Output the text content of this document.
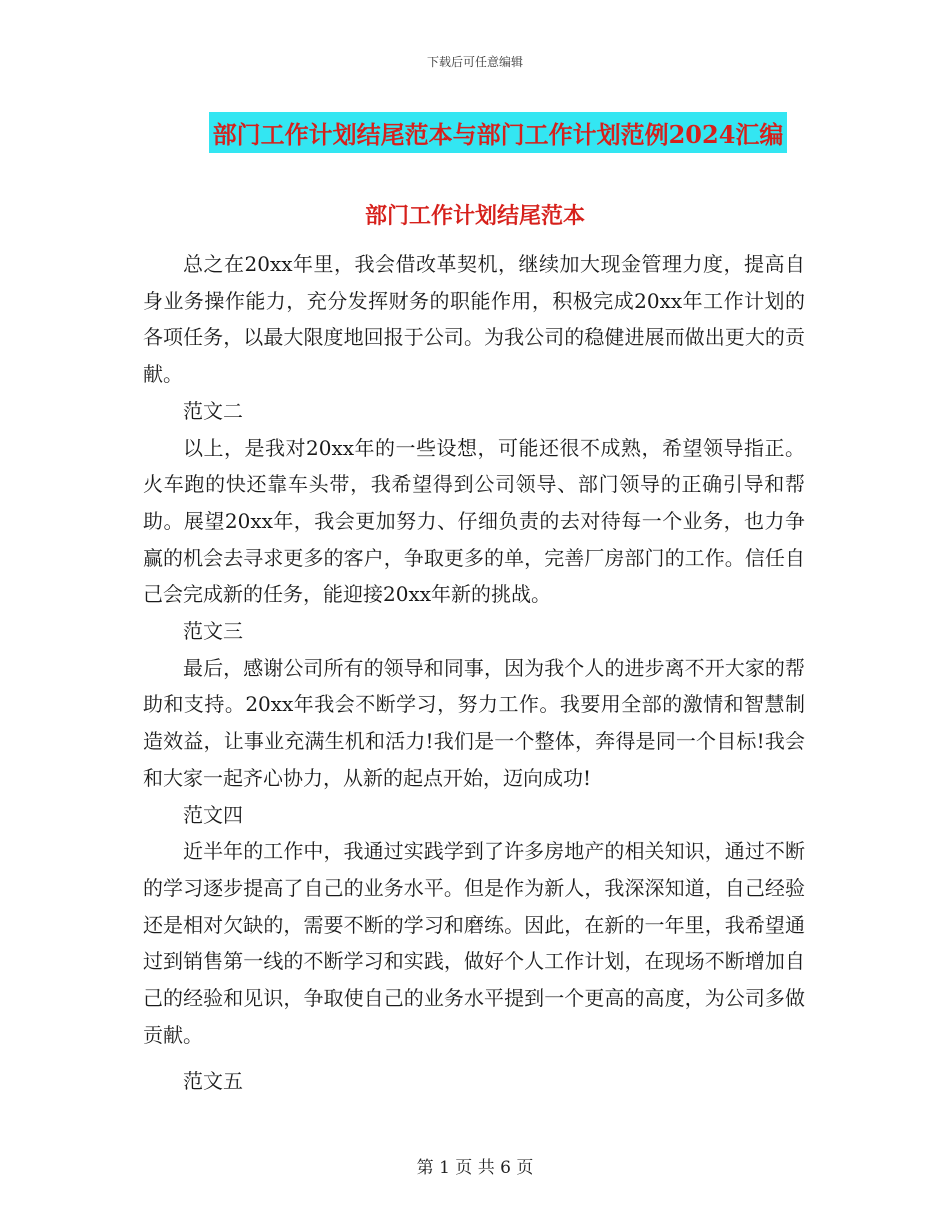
下载后可任意编辑
部门工作计划结尾范本与部门工作计划范例2024汇编
部门工作计划结尾范本

总之在20xx年里，我会借改革契机，继续加大现金管理力度，提高自身业务操作能力，充分发挥财务的职能作用，积极完成20xx年工作计划的各项任务，以最大限度地回报于公司。为我公司的稳健进展而做出更大的贡献。

范文二

以上，是我对20xx年的一些设想，可能还很不成熟，希望领导指正。火车跑的快还靠车头带，我希望得到公司领导、部门领导的正确引导和帮助。展望20xx年，我会更加努力、仔细负责的去对待每一个业务，也力争赢的机会去寻求更多的客户，争取更多的单，完善厂房部门的工作。信任自己会完成新的任务，能迎接20xx年新的挑战。

范文三

最后，感谢公司所有的领导和同事，因为我个人的进步离不开大家的帮助和支持。20xx年我会不断学习，努力工作。我要用全部的激情和智慧制造效益，让事业充满生机和活力!我们是一个整体，奔得是同一个目标!我会和大家一起齐心协力，从新的起点开始，迈向成功!

范文四

近半年的工作中，我通过实践学到了许多房地产的相关知识，通过不断的学习逐步提高了自己的业务水平。但是作为新人，我深深知道，自己经验还是相对欠缺的，需要不断的学习和磨练。因此，在新的一年里，我希望通过到销售第一线的不断学习和实践，做好个人工作计划，在现场不断增加自己的经验和见识，争取使自己的业务水平提到一个更高的高度，为公司多做贡献。

范文五

第 1 页 共 6 页
